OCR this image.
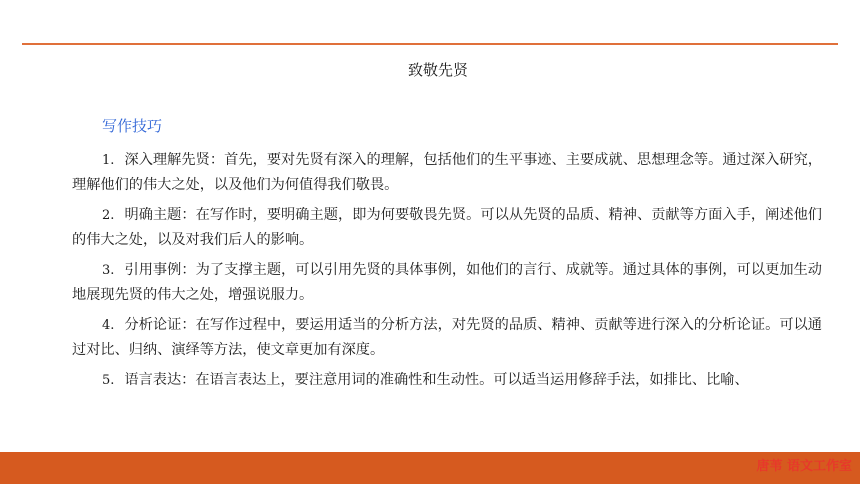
致敬先贤
写作技巧

1. 深入理解先贤：首先，要对先贤有深入的理解，包括他们的生平事迹、主要成就、思想理念等。通过深入研究，理解他们的伟大之处，以及他们为何值得我们敬畏。

2. 明确主题：在写作时，要明确主题，即为何要敬畏先贤。可以从先贤的品质、精神、贡献等方面入手，阐述他们的伟大之处，以及对我们后人的影响。

3. 引用事例：为了支撑主题，可以引用先贤的具体事例，如他们的言行、成就等。通过具体的事例，可以更加生动地展现先贤的伟大之处，增强说服力。

4. 分析论证：在写作过程中，要运用适当的分析方法，对先贤的品质、精神、贡献等进行深入的分析论证。可以通过对比、归纳、演绎等方法，使文章更加有深度。

5. 语言表达：在语言表达上，要注意用词的准确性和生动性。可以适当运用修辞手法，如排比、比喻、

唐苇 语文工作室
